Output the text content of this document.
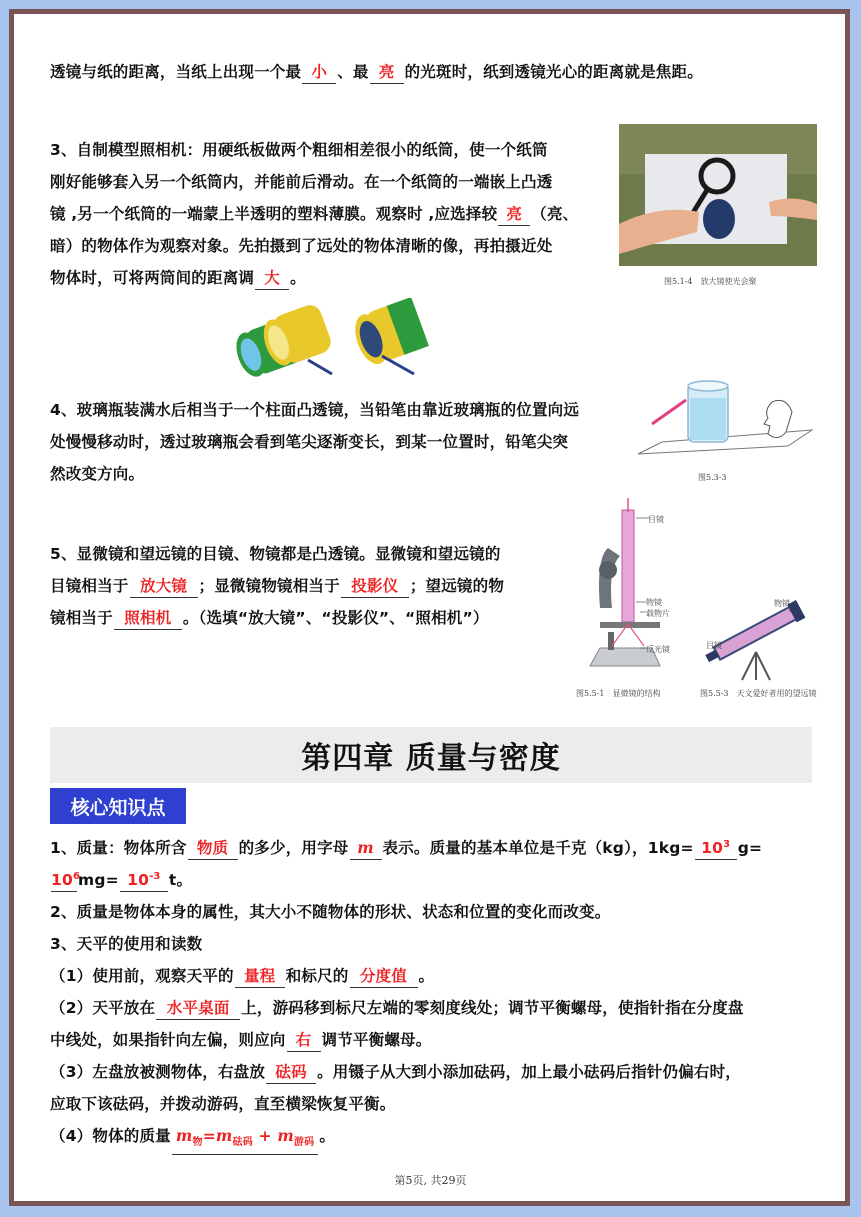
透镜与纸的距离，当纸上出现一个最 小 、最 亮 的光斑时，纸到透镜光心的距离就是焦距。
3、自制模型照相机：用硬纸板做两个粗细相差很小的纸筒，使一个纸筒
刚好能够套入另一个纸筒内，并能前后滑动。在一个纸筒的一端嵌上凸透
镜 ,另一个纸筒的一端蒙上半透明的塑料薄膜。观察时 ,应选择较 亮 （亮、
暗）的物体作为观察对象。先拍摄到了远处的物体清晰的像，再拍摄近处
物体时，可将两筒间的距离调 大 。	图5.1-4　放大镜使光会聚
4、玻璃瓶装满水后相当于一个柱面凸透镜，当铅笔由靠近玻璃瓶的位置向远
处慢慢移动时，透过玻璃瓶会看到笔尖逐渐变长，到某一位置时，铅笔尖突
然改变方向。	图5.3-3
5、显微镜和望远镜的目镜、物镜都是凸透镜。显微镜和望远镜的
目镜相当于 放大镜 ；显微镜物镜相当于 投影仪 ；望远镜的物
镜相当于 照相机 。（选填“放大镜”、“投影仪”、“照相机”）
目镜
物镜
载物片
反光镜
图5.5-1　显微镜的结构
物镜
目镜
图5.5-3　天文爱好者用的望远镜
第四章 质量与密度
核心知识点
1、质量：物体所含 物质 的多少，用字母 m 表示。质量的基本单位是千克（kg），$1kg= 10^3$ g=
$10^6mg= 10^{-3}$ t。
2、质量是物体本身的属性，其大小不随物体的形状、状态和位置的变化而改变。
3、天平的使用和读数
（1）使用前，观察天平的 量程 和标尺的 分度值 。
（2）天平放在 水平桌面 上，游码移到标尺左端的零刻度线处；调节平衡螺母，使指针指在分度盘
中线处，如果指针向左偏，则应向 右 调节平衡螺母。
（3）左盘放被测物体，右盘放 砝码 。用镊子从大到小添加砝码，加上最小砝码后指针仍偏右时，
应取下该砝码，并拨动游码，直至横梁恢复平衡。
（4）物体的质量 $m_物=m_{砝码} + m_{游码}$ 。
第5页, 共29页
